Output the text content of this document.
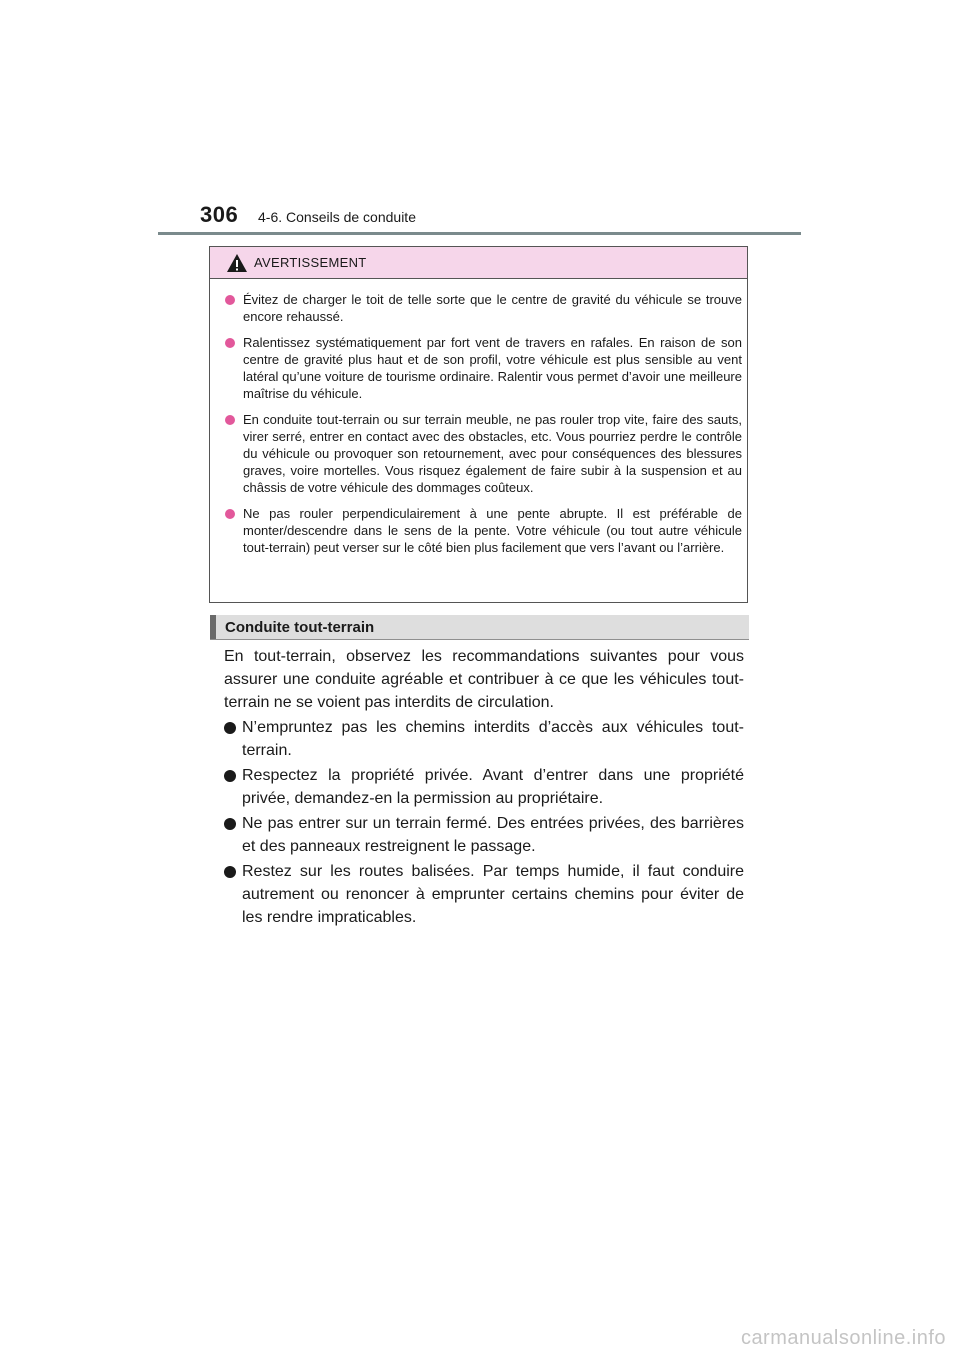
306 4-6. Conseils de conduite
AVERTISSEMENT
Évitez de charger le toit de telle sorte que le centre de gravité du véhicule se trouve encore rehaussé.
Ralentissez systématiquement par fort vent de travers en rafales. En raison de son centre de gravité plus haut et de son profil, votre véhicule est plus sensible au vent latéral qu’une voiture de tourisme ordinaire. Ralentir vous permet d’avoir une meilleure maîtrise du véhicule.
En conduite tout-terrain ou sur terrain meuble, ne pas rouler trop vite, faire des sauts, virer serré, entrer en contact avec des obstacles, etc. Vous pourriez perdre le contrôle du véhicule ou provoquer son retournement, avec pour conséquences des blessures graves, voire mortelles. Vous risquez également de faire subir à la suspension et au châssis de votre véhicule des dommages coûteux.
Ne pas rouler perpendiculairement à une pente abrupte. Il est préférable de monter/descendre dans le sens de la pente. Votre véhicule (ou tout autre véhicule tout-terrain) peut verser sur le côté bien plus facilement que vers l’avant ou l’arrière.
Conduite tout-terrain

En tout-terrain, observez les recommandations suivantes pour vous assurer une conduite agréable et contribuer à ce que les véhicules tout-terrain ne se voient pas interdits de circulation.

N’empruntez pas les chemins interdits d’accès aux véhicules tout-terrain.
Respectez la propriété privée. Avant d’entrer dans une propriété privée, demandez-en la permission au propriétaire.
Ne pas entrer sur un terrain fermé. Des entrées privées, des barrières et des panneaux restreignent le passage.
Restez sur les routes balisées. Par temps humide, il faut conduire autrement ou renoncer à emprunter certains chemins pour éviter de les rendre impraticables.
carmanualsonline.info
